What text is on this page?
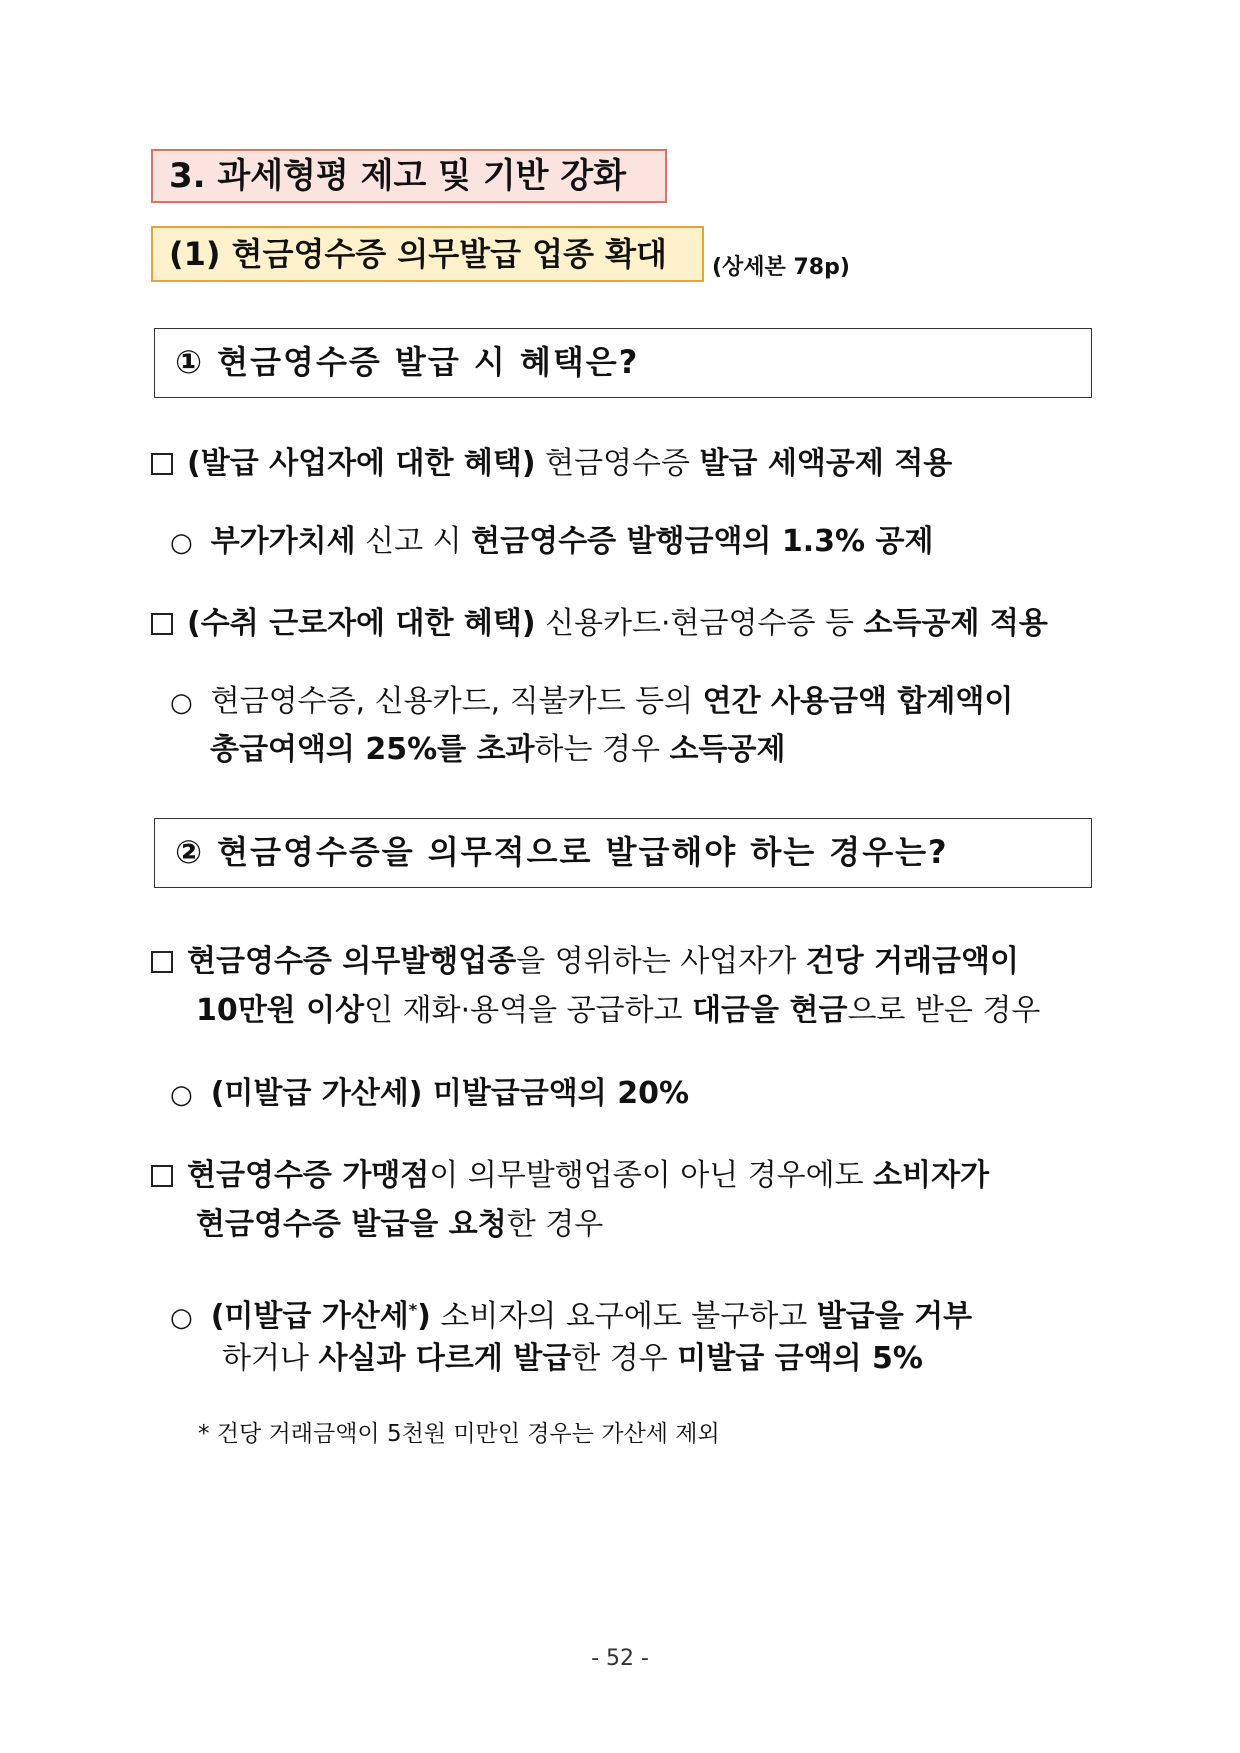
3. 과세형평 제고 및 기반 강화
(1) 현금영수증 의무발급 업종 확대	(상세본 78p)
① 현금영수증 발급 시 혜택은?
(발급 사업자에 대한 혜택) 현금영수증 발급 세액공제 적용
○ 부가가치세 신고 시 현금영수증 발행금액의 1.3% 공제
(수취 근로자에 대한 혜택) 신용카드·현금영수증 등 소득공제 적용
○ 현금영수증, 신용카드, 직불카드 등의 연간 사용금액 합계액이
총급여액의 25%를 초과하는 경우 소득공제
② 현금영수증을 의무적으로 발급해야 하는 경우는?
현금영수증 의무발행업종을 영위하는 사업자가 건당 거래금액이
10만원 이상인 재화·용역을 공급하고 대금을 현금으로 받은 경우
○ (미발급 가산세) 미발급금액의 20%
현금영수증 가맹점이 의무발행업종이 아닌 경우에도 소비자가
현금영수증 발급을 요청한 경우
○ (미발급 가산세*) 소비자의 요구에도 불구하고 발급을 거부
하거나 사실과 다르게 발급한 경우 미발급 금액의 5%
* 건당 거래금액이 5천원 미만인 경우는 가산세 제외
- 52 -
